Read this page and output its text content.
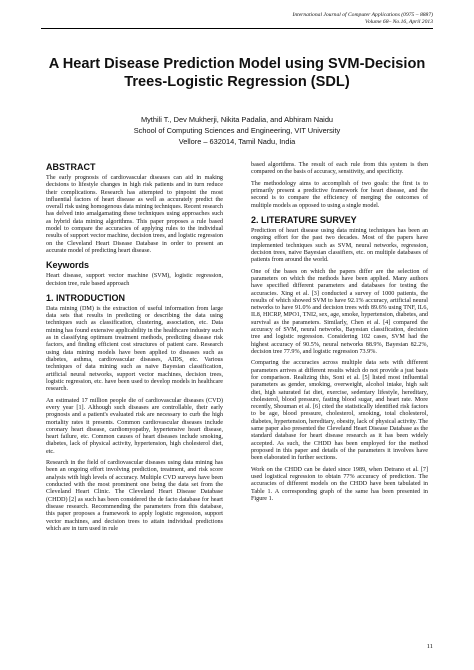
International Journal of Computer Applications (0975 – 8887)
Volume 68– No.16, April 2013
A Heart Disease Prediction Model using SVM-Decision
Trees-Logistic Regression (SDL)
Mythili T., Dev Mukherji, Nikita Padalia, and Abhiram Naidu
School of Computing Sciences and Engineering, VIT University
Vellore – 632014, Tamil Nadu, India
ABSTRACT

The early prognosis of cardiovascular diseases can aid in making decisions to lifestyle changes in high risk patients and in turn reduce their complications. Research has attempted to pinpoint the most influential factors of heart disease as well as accurately predict the overall risk using homogenous data mining techniques. Recent research has delved into amalgamating these techniques using approaches such as hybrid data mining algorithms. This paper proposes a rule based model to compare the accuracies of applying rules to the individual results of support vector machine, decision trees, and logistic regression on the Cleveland Heart Disease Database in order to present an accurate model of predicting heart disease.

Keywords

Heart disease, support vector machine (SVM), logistic regression, decision tree, rule based approach

1. INTRODUCTION

Data mining (DM) is the extraction of useful information from large data sets that results in predicting or describing the data using techniques such as classification, clustering, association, etc. Data mining has found extensive applicability in the healthcare industry such as in classifying optimum treatment methods, predicting disease risk factors, and finding efficient cost structures of patient care. Research using data mining models have been applied to diseases such as diabetes, asthma, cardiovascular diseases, AIDS, etc. Various techniques of data mining such as naive Bayesian classification, artificial neural networks, support vector machines, decision trees, logistic regression, etc. have been used to develop models in healthcare research.

An estimated 17 million people die of cardiovascular diseases (CVD) every year [1]. Although such diseases are controllable, their early prognosis and a patient's evaluated risk are necessary to curb the high mortality rates it presents. Common cardiovascular diseases include coronary heart disease, cardiomyopathy, hypertensive heart disease, heart failure, etc. Common causes of heart diseases include smoking, diabetes, lack of physical activity, hypertension, high cholesterol diet, etc.

Research in the field of cardiovascular diseases using data mining has been an ongoing effort involving prediction, treatment, and risk score analysis with high levels of accuracy. Multiple CVD surveys have been conducted with the most prominent one being the data set from the Cleveland Heart Clinic. The Cleveland Heart Disease Database (CHDD) [2] as such has been considered the de facto database for heart disease research. Recommending the parameters from this database, this paper proposes a framework to apply logistic regression, support vector machines, and decision trees to attain individual predictions which are in turn used in rule

based algorithms. The result of each rule from this system is then compared on the basis of accuracy, sensitivity, and specificity.

The methodology aims to accomplish of two goals: the first is to primarily present a predictive framework for heart disease, and the second is to compare the efficiency of merging the outcomes of multiple models as opposed to using a single model.

2. LITERATURE SURVEY

Prediction of heart disease using data mining techniques has been an ongoing effort for the past two decades. Most of the papers have implemented techniques such as SVM, neural networks, regression, decision trees, naive Bayesian classifiers, etc. on multiple databases of patients from around the world.

One of the bases on which the papers differ are the selection of parameters on which the methods have been applied. Many authors have specified different parameters and databases for testing the accuracies. Xing et al. [3] conducted a survey of 1000 patients, the results of which showed SVM to have 92.1% accuracy, artificial neural networks to have 91.0% and decision trees with 89.6% using TNF, IL6, IL8, HICRP, MPO1, TNI2, sex, age, smoke, hypertension, diabetes, and survival as the parameters. Similarly, Chen et al. [4] compared the accuracy of SVM, neural networks, Bayesian classification, decision tree and logistic regression. Considering 102 cases, SVM had the highest accuracy of 90.5%, neural networks 88.9%, Bayesian 82.2%, decision tree 77.9%, and logistic regression 73.9%.

Comparing the accuracies across multiple data sets with different parameters arrives at different results which do not provide a just basis for comparison. Realizing this, Soni et al. [5] listed most influential parameters as gender, smoking, overweight, alcohol intake, high salt diet, high saturated fat diet, exercise, sedentary lifestyle, hereditary, cholesterol, blood pressure, fasting blood sugar, and heart rate. More recently, Shouman et al. [6] cited the statistically identified risk factors to be age, blood pressure, cholesterol, smoking, total cholesterol, diabetes, hypertension, hereditary, obesity, lack of physical activity. The same paper also presented the Cleveland Heart Disease Database as the standard database for heart disease research as it has been widely accepted. As such, the CHDD has been employed for the method proposed in this paper and details of the parameters it involves have been elaborated in further sections.

Work on the CHDD can be dated since 1989, when Detrano et al. [7] used logistical regression to obtain 77% accuracy of prediction. The accuracies of different models on the CHDD have been tabulated in Table 1. A corresponding graph of the same has been presented in Figure 1.

11
